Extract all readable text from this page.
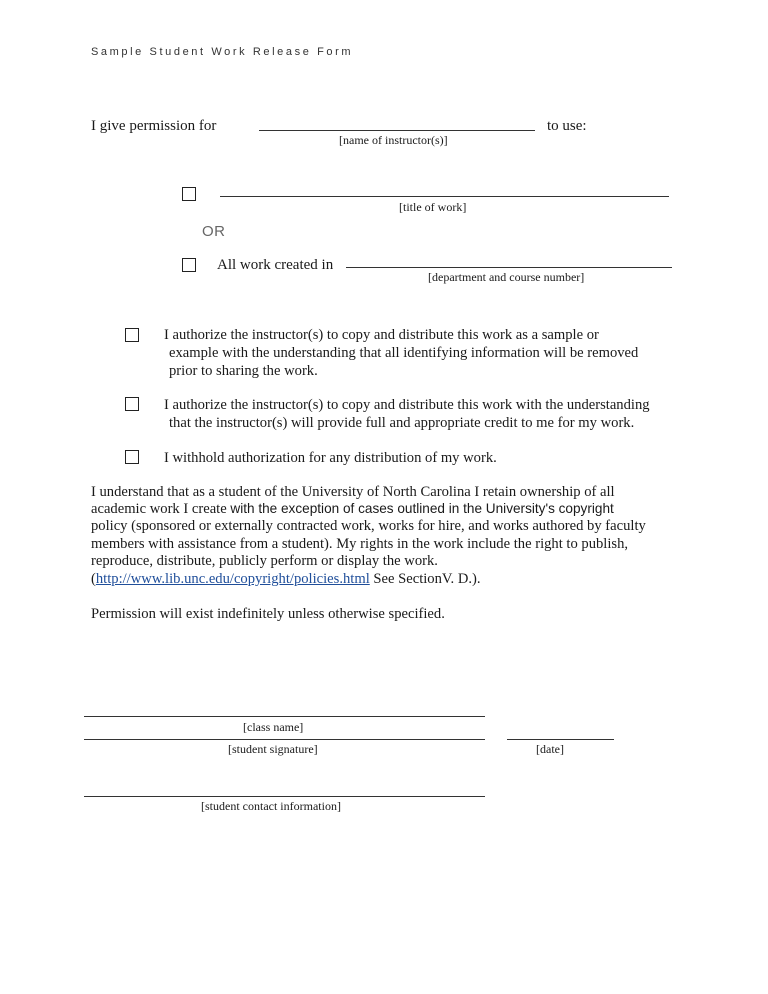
Sample Student Work Release Form
I give permission for
[name of instructor(s)]
to use:
[title of work]
OR
All work created in
[department and course number]
I authorize the instructor(s) to copy and distribute this work as a sample or
example with the understanding that all identifying information will be removed
prior to sharing the work.
I authorize the instructor(s) to copy and distribute this work with the understanding
that the instructor(s) will provide full and appropriate credit to me for my work.
I withhold authorization for any distribution of my work.
I understand that as a student of the University of North Carolina I retain ownership of all
academic work I create with the exception of cases outlined in the University's copyright
policy (sponsored or externally contracted work, works for hire, and works authored by faculty
members with assistance from a student). My rights in the work include the right to publish,
reproduce, distribute, publicly perform or display the work.
(http://www.lib.unc.edu/copyright/policies.html See SectionV. D.).
Permission will exist indefinitely unless otherwise specified.
[class name]
[student signature]	[date]
[student contact information]
